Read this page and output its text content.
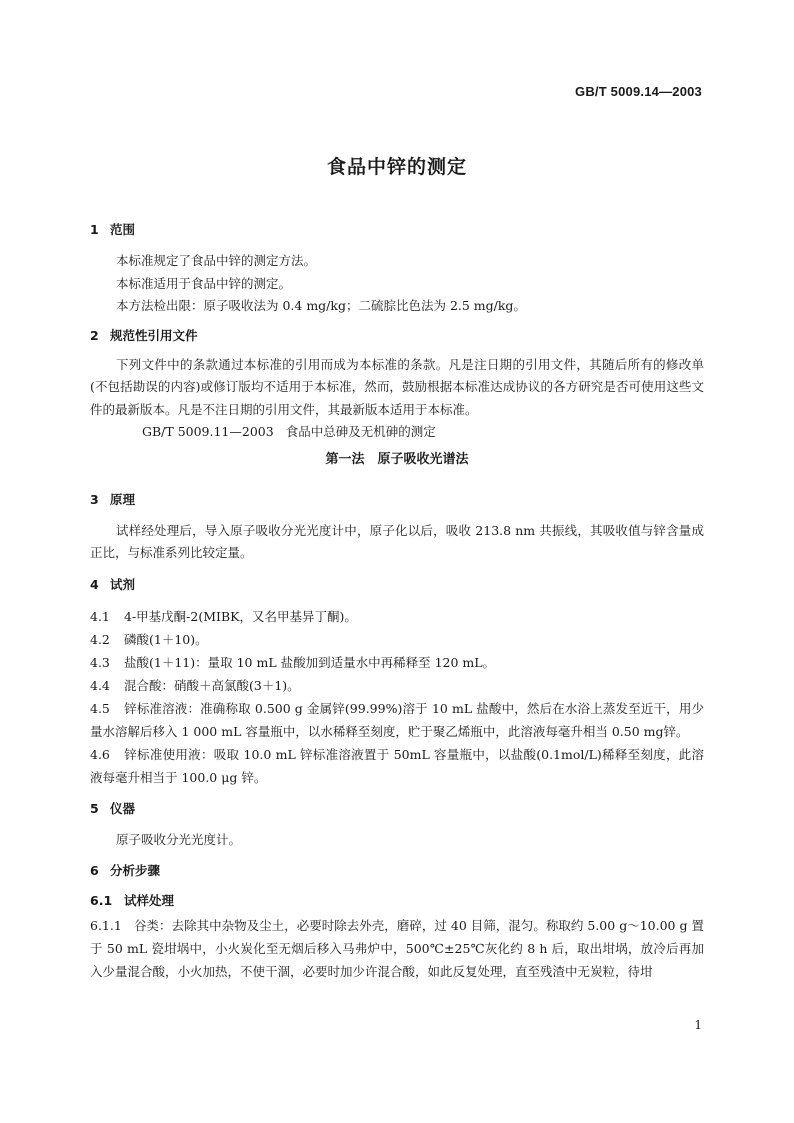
GB/T 5009.14—2003
食品中锌的测定
1 范围

本标准规定了食品中锌的测定方法。

本标准适用于食品中锌的测定。

本方法检出限：原子吸收法为 0.4 mg/kg；二硫腙比色法为 2.5 mg/kg。

2 规范性引用文件

下列文件中的条款通过本标准的引用而成为本标准的条款。凡是注日期的引用文件，其随后所有的修改单(不包括勘误的内容)或修订版均不适用于本标准，然而，鼓励根据本标准达成协议的各方研究是否可使用这些文件的最新版本。凡是不注日期的引用文件，其最新版本适用于本标准。

GB/T 5009.11—2003 食品中总砷及无机砷的测定

第一法　原子吸收光谱法
3 原理

试样经处理后，导入原子吸收分光光度计中，原子化以后，吸收 213.8 nm 共振线，其吸收值与锌含量成正比，与标准系列比较定量。

4 试剂

4.1 4-甲基戊酮-2(MIBK，又名甲基异丁酮)。

4.2 磷酸(1＋10)。

4.3 盐酸(1＋11)：量取 10 mL 盐酸加到适量水中再稀释至 120 mL。

4.4 混合酸：硝酸＋高氯酸(3＋1)。

4.5 锌标准溶液：准确称取 0.500 g 金属锌(99.99%)溶于 10 mL 盐酸中，然后在水浴上蒸发至近干，用少量水溶解后移入 1 000 mL 容量瓶中，以水稀释至刻度，贮于聚乙烯瓶中，此溶液每毫升相当 0.50 mg锌。

4.6 锌标准使用液：吸取 10.0 mL 锌标准溶液置于 50mL 容量瓶中，以盐酸(0.1mol/L)稀释至刻度，此溶液每毫升相当于 100.0 μg 锌。

5 仪器

原子吸收分光光度计。

6 分析步骤
6.1 试样处理

6.1.1 谷类：去除其中杂物及尘土，必要时除去外壳，磨碎，过 40 目筛，混匀。称取约 5.00 g～10.00 g 置于 50 mL 瓷坩埚中，小火炭化至无烟后移入马弗炉中，500℃±25℃灰化约 8 h 后，取出坩埚，放冷后再加入少量混合酸，小火加热，不使干涸，必要时加少许混合酸，如此反复处理，直至残渣中无炭粒，待坩

1
